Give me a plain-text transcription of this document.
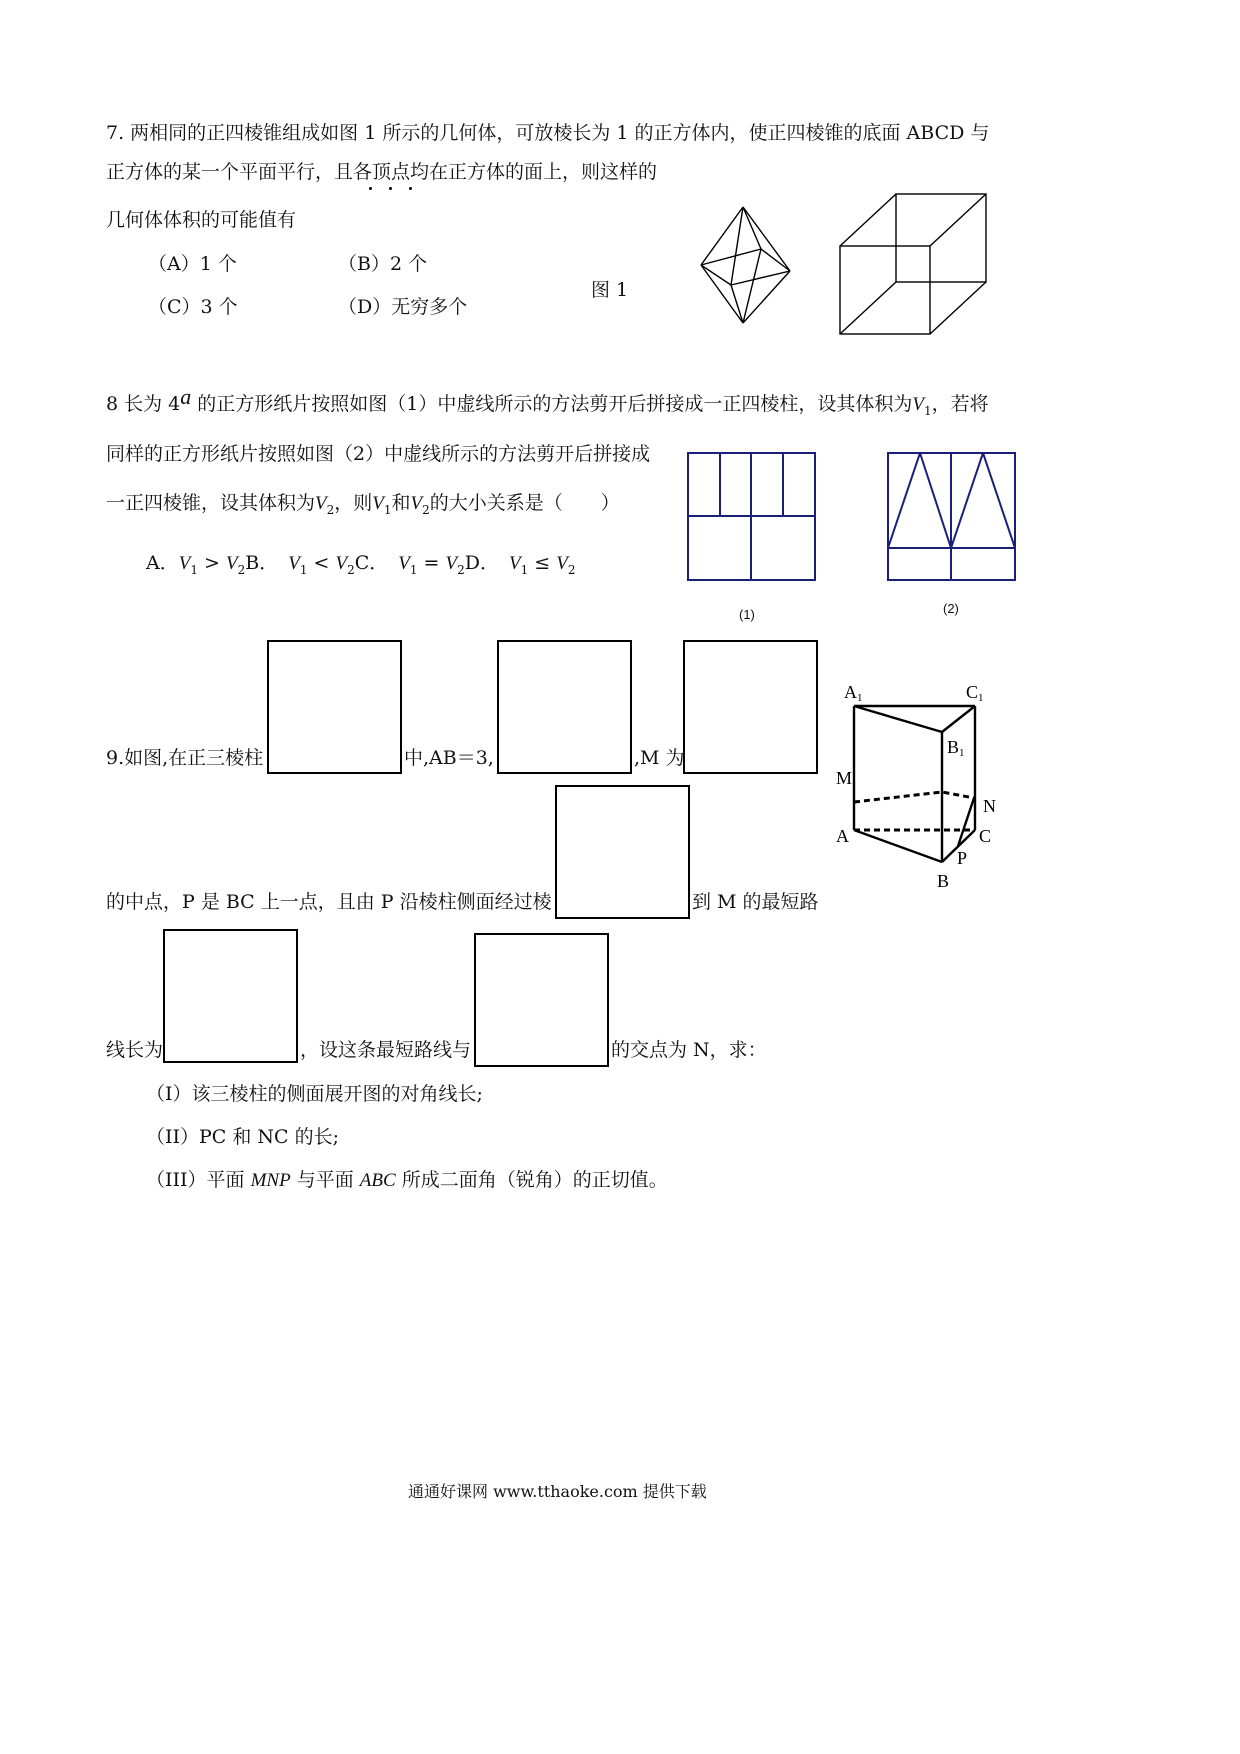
7. 两相同的正四棱锥组成如图 1 所示的几何体，可放棱长为 1 的正方体内，使正四棱锥的底面 ABCD 与
正方体的某一个平面平行，且各顶点均在正方体的面上，则这样的
几何体体积的可能值有
（A）1 个	（B）2 个
（C）3 个	（D）无穷多个
图 1
8 长为 4a 的正方形纸片按照如图（1）中虚线所示的方法剪开后拼接成一正四棱柱，设其体积为$V_1$，若将
同样的正方形纸片按照如图（2）中虚线所示的方法剪开后拼接成
一正四棱锥，设其体积为$V_2$，则$V_1$和$V_2$的大小关系是（　　）
A．$V_1 > V_2B$． $V_1 < V_2C$． $V_1 = V_2D$． $V_1 \le V_2$
(1)	(2)
9.如图,在正三棱柱	中,AB＝3,	,M 为
的中点，P 是 BC 上一点，且由 P 沿棱柱侧面经过棱	到 M 的最短路
线长为	，设这条最短路线与	的交点为 N，求：
（I）该三棱柱的侧面展开图的对角线长;
（II）PC 和 NC 的长;
（III）平面 MNP 与平面 ABC 所成二面角（锐角）的正切值。
A1	C1
B1
M
N
A	C
P
B
通通好课网 www.tthaoke.com 提供下载
